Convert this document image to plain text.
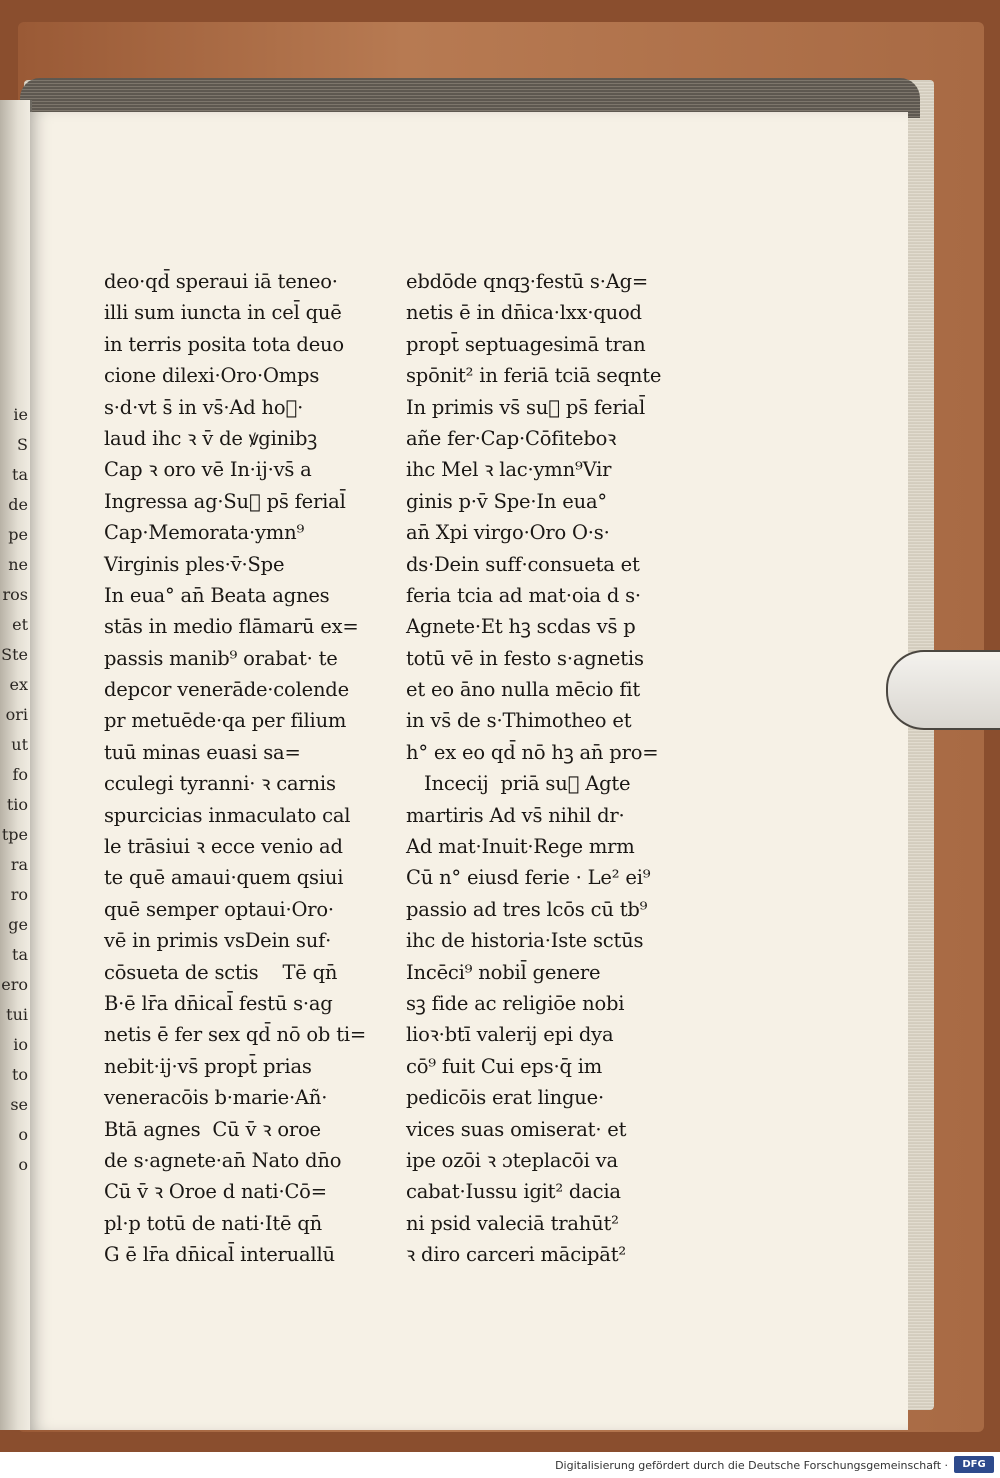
ie
S
ta
de
pe
ne
ros
et
Ste
ex
ori
ut
fo
tio
tpe
ra
ro
ge
ta
ero
tui
io
to
se
o
o
deo·qd̄ speraui iā teneo·
illi sum iuncta in cel̄ quē
in terris posita tota deuo
cione dilexi·Oro·Omps
s·d·vt s̄ in vs̄·Ad hoᷓ·
laud ihc ꝛ v̄ de ꝟginibꝫ
Cap ꝛ oro vē In·ij·vs̄ a
Ingressa ag·Suᷓ ps̄ ferial̄
Cap·Memorata·ymn⁹
Virginis ples·v̄·Spe
In eua° an̄ Beata agnes
stās in medio flāmarū ex=
passis manib⁹ orabat· te
depcor venerāde·colende
pr metuēde·qa per filium
tuū minas euasi sa=
cculegi tyranni· ꝛ carnis
spurcicias inmaculato cal
le trāsiui ꝛ ecce venio ad
te quē amaui·quem qsiui
quē semper optaui·Oro·
vē in primis vsDein suf·
cōsueta de sctis    Tē qn̄
B·ē lr̄a dn̄ical̄ festū s·ag
netis ē fer sex qd̄ nō ob ti=
nebit·ij·vs̄ propt̄ prias
veneracōis b·marie·Añ·
Btā agnes  Cū v̄ ꝛ oroe
de s·agnete·an̄ Nato dn̄o
Cū v̄ ꝛ Oroe d nati·Cō=
pl·p totū de nati·Itē qn̄
G ē lr̄a dn̄ical̄ interuallū
ebdōde qnqꝫ·festū s·Ag=
netis ē in dn̄ica·lxx·quod
propt̄ septuagesimā tran
spōnit² in feriā tciā seqnte
In primis vs̄ suᷓ ps̄ ferial̄
añe fer·Cap·Cōfiteboꝛ
ihc Mel ꝛ lac·ymn⁹Vir
ginis p·v̄ Spe·In eua°
an̄ Xpi virgo·Oro O·s·
ds·Dein suff·consueta et
feria tcia ad mat·oia d s·
Agnete·Et hꝫ scdas vs̄ p
totū vē in festo s·agnetis
et eo āno nulla mēcio fit
in vs̄ de s·Thimotheo et
h° ex eo qd̄ nō hꝫ an̄ pro=
Incecij  priā suᷓ Agte
martiris Ad vs̄ nihil dr·
Ad mat·Inuit·Rege mrm
Cū n° eiusd ferie · Le² ei⁹
passio ad tres lcōs cū tb⁹
ihc de historia·Iste sctūs
Incēci⁹ nobil̄ genere
sꝫ fide ac religiōe nobi
lioꝛ·btī valerij epi dya
cō⁹ fuit Cui eps·q̄ im
pedicōis erat lingue·
vices suas omiserat· et
ipe ozōi ꝛ ɔteplacōi va
cabat·Iussu igit² dacia
ni psid valeciā trahūt²
ꝛ diro carceri mācipāt²
Digitalisierung gefördert durch die Deutsche Forschungsgemeinschaft ·	DFG
